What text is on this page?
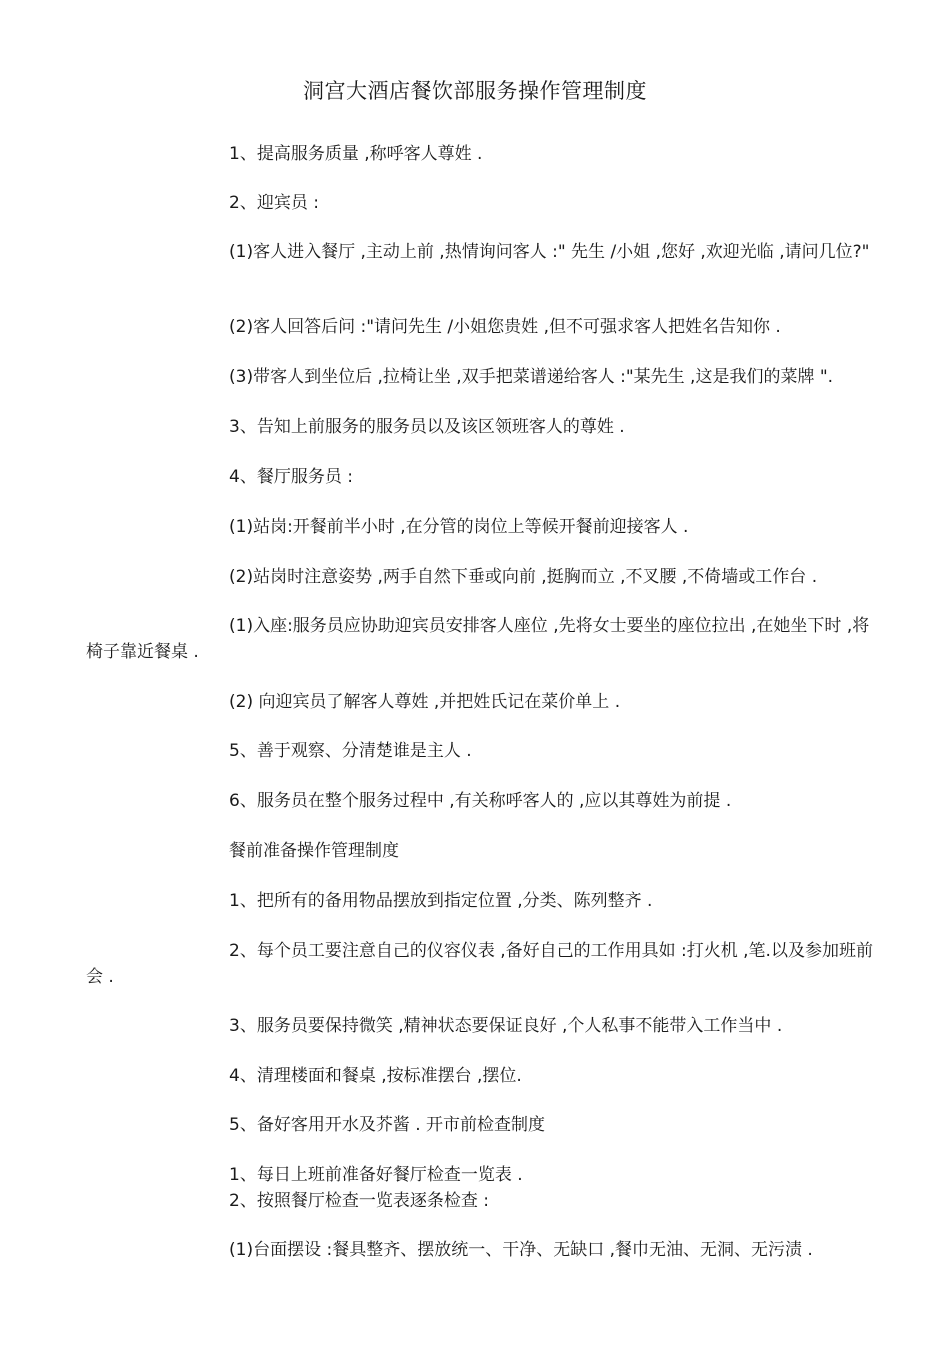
洞宫大酒店餐饮部服务操作管理制度
1、提高服务质量 ,称呼客人尊姓 .
2、迎宾员 :
(1)客人进入餐厅 ,主动上前 ,热情询问客人 :" 先生 /小姐 ,您好 ,欢迎光临 ,请问几位?"
(2)客人回答后问 :"请问先生 /小姐您贵姓 ,但不可强求客人把姓名告知你 .
(3)带客人到坐位后 ,拉椅让坐 ,双手把菜谱递给客人 :"某先生 ,这是我们的菜牌 ".
3、告知上前服务的服务员以及该区领班客人的尊姓 .
4、餐厅服务员 :
(1)站岗:开餐前半小时 ,在分管的岗位上等候开餐前迎接客人 .
(2)站岗时注意姿势 ,两手自然下垂或向前 ,挺胸而立 ,不叉腰 ,不倚墙或工作台 .
(1)入座:服务员应协助迎宾员安排客人座位 ,先将女士要坐的座位拉出 ,在她坐下时 ,将椅子靠近餐桌 .
(2) 向迎宾员了解客人尊姓 ,并把姓氏记在菜价单上 .
5、善于观察、分清楚谁是主人 .
6、服务员在整个服务过程中 ,有关称呼客人的 ,应以其尊姓为前提 .
餐前准备操作管理制度
1、把所有的备用物品摆放到指定位置 ,分类、陈列整齐 .
2、每个员工要注意自己的仪容仪表 ,备好自己的工作用具如 :打火机 ,笔.以及参加班前会 .
3、服务员要保持微笑 ,精神状态要保证良好 ,个人私事不能带入工作当中 .
4、清理楼面和餐桌 ,按标准摆台 ,摆位.
5、备好客用开水及芥酱 . 开市前检查制度
1、每日上班前准备好餐厅检查一览表 .
2、按照餐厅检查一览表逐条检查 :
(1)台面摆设 :餐具整齐、摆放统一、干净、无缺口 ,餐巾无油、无洞、无污渍 .
